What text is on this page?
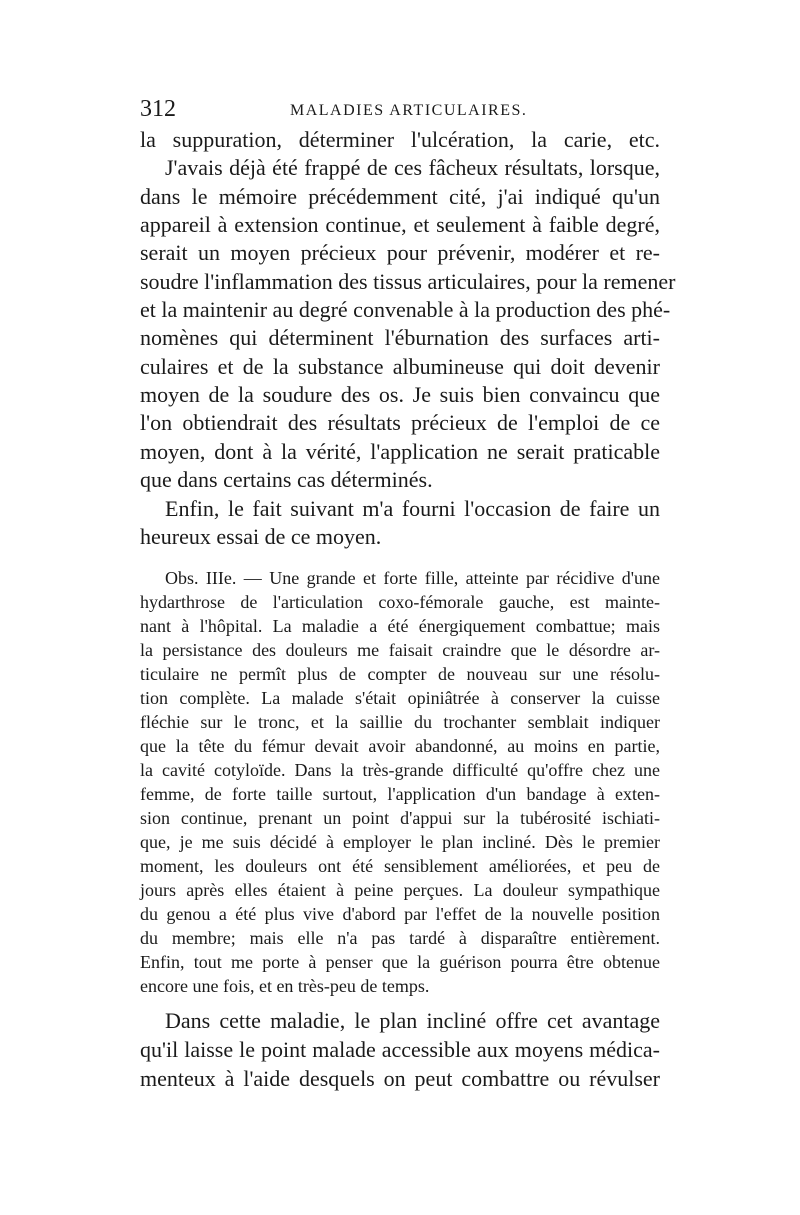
312	MALADIES ARTICULAIRES.
la suppuration, déterminer l'ulcération, la carie, etc.
J'avais déjà été frappé de ces fâcheux résultats, lorsque,
dans le mémoire précédemment cité, j'ai indiqué qu'un
appareil à extension continue, et seulement à faible degré,
serait un moyen précieux pour prévenir, modérer et re-
soudre l'inflammation des tissus articulaires, pour la remener
et la maintenir au degré convenable à la production des phé-
nomènes qui déterminent l'éburnation des surfaces arti-
culaires et de la substance albumineuse qui doit devenir
moyen de la soudure des os. Je suis bien convaincu que
l'on obtiendrait des résultats précieux de l'emploi de ce
moyen, dont à la vérité, l'application ne serait praticable
que dans certains cas déterminés.
Enfin, le fait suivant m'a fourni l'occasion de faire un
heureux essai de ce moyen.
Obs. IIIe. — Une grande et forte fille, atteinte par récidive d'une
hydarthrose de l'articulation coxo-fémorale gauche, est mainte-
nant à l'hôpital. La maladie a été énergiquement combattue; mais
la persistance des douleurs me faisait craindre que le désordre ar-
ticulaire ne permît plus de compter de nouveau sur une résolu-
tion complète. La malade s'était opiniâtrée à conserver la cuisse
fléchie sur le tronc, et la saillie du trochanter semblait indiquer
que la tête du fémur devait avoir abandonné, au moins en partie,
la cavité cotyloïde. Dans la très-grande difficulté qu'offre chez une
femme, de forte taille surtout, l'application d'un bandage à exten-
sion continue, prenant un point d'appui sur la tubérosité ischiati-
que, je me suis décidé à employer le plan incliné. Dès le premier
moment, les douleurs ont été sensiblement améliorées, et peu de
jours après elles étaient à peine perçues. La douleur sympathique
du genou a été plus vive d'abord par l'effet de la nouvelle position
du membre; mais elle n'a pas tardé à disparaître entièrement.
Enfin, tout me porte à penser que la guérison pourra être obtenue
encore une fois, et en très-peu de temps.
Dans cette maladie, le plan incliné offre cet avantage
qu'il laisse le point malade accessible aux moyens médica-
menteux à l'aide desquels on peut combattre ou révulser
